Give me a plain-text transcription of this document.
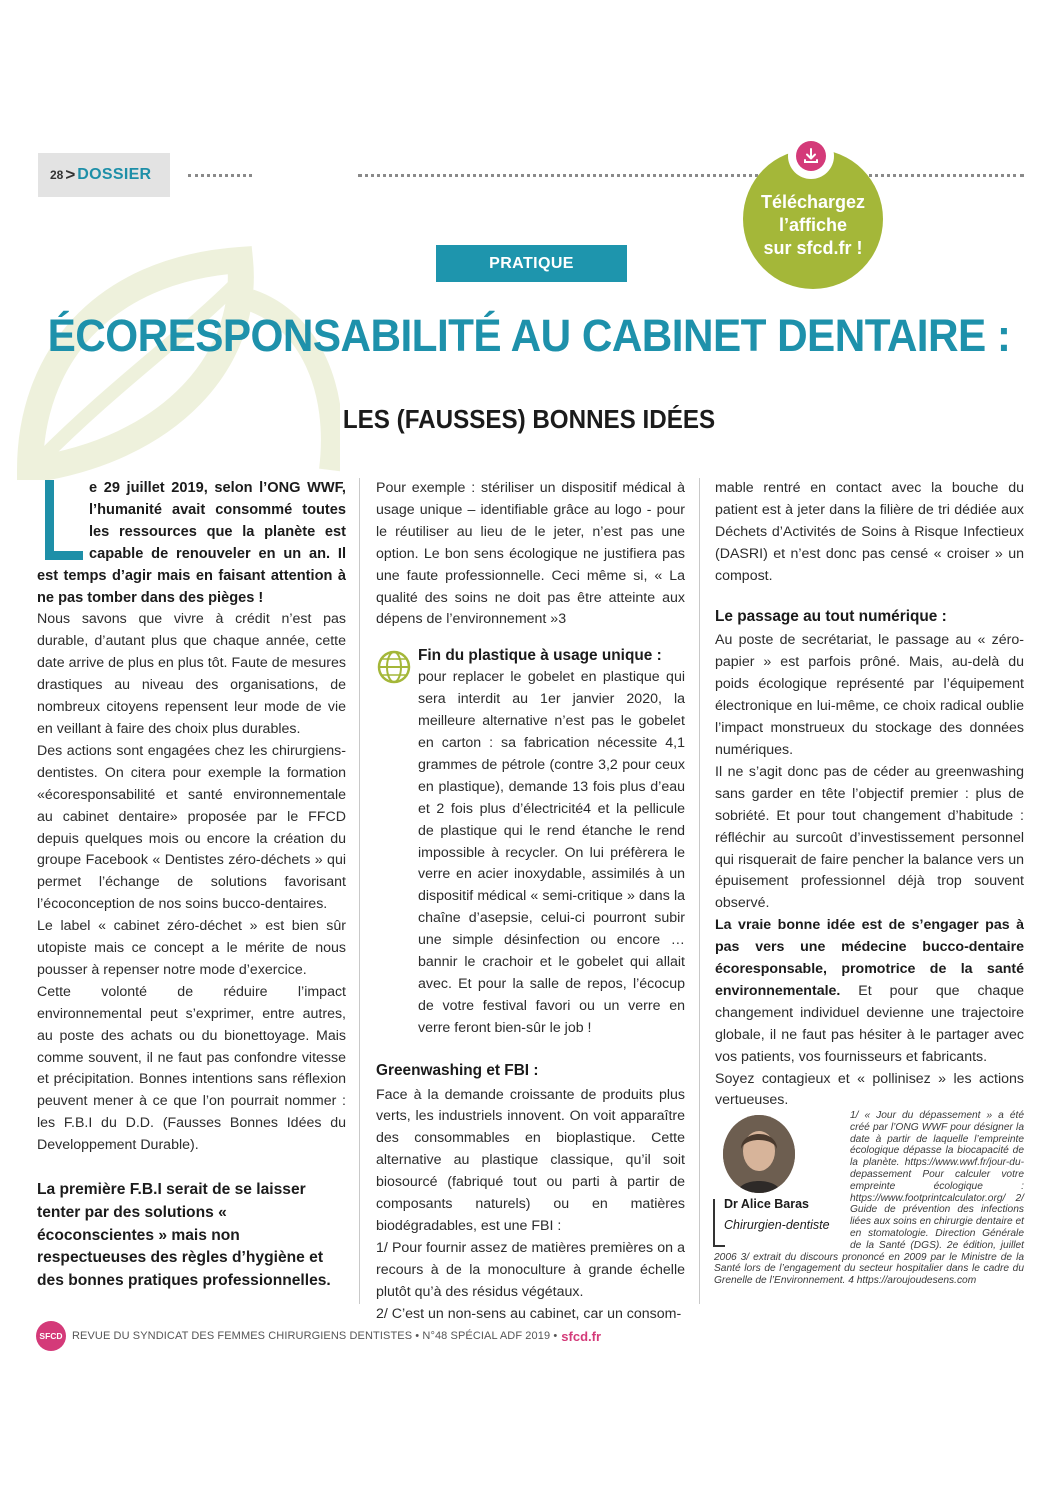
28 > DOSSIER
Téléchargez
l’affiche
sur sfcd.fr !
PRATIQUE
ÉCORESPONSABILITÉ AU CABINET DENTAIRE :
LES (FAUSSES) BONNES IDÉES

e 29 juillet 2019, selon l’ONG WWF, l’humanité avait consommé toutes les ressources que la planète est capable de renouveler en un an. Il est temps d’agir mais en faisant attention à ne pas tomber dans des pièges !

Nous savons que vivre à crédit n’est pas durable, d’autant plus que chaque année, cette date arrive de plus en plus tôt. Faute de mesures drastiques au niveau des organisations, de nombreux citoyens repensent leur mode de vie en veillant à faire des choix plus durables.

Des actions sont engagées chez les chirurgiens-dentistes. On citera pour exemple la formation «écoresponsabilité et santé environnementale au cabinet dentaire» proposée par le FFCD depuis quelques mois ou encore la création du groupe Facebook « Dentistes zéro-déchets » qui permet l’échange de solutions favorisant l’écoconception de nos soins bucco-dentaires.

Le label « cabinet zéro-déchet » est bien sûr utopiste mais ce concept a le mérite de nous pousser à repenser notre mode d’exercice.

Cette volonté de réduire l’impact environnemental peut s’exprimer, entre autres, au poste des achats ou du bionettoyage. Mais comme souvent, il ne faut pas confondre vitesse et précipitation. Bonnes intentions sans réflexion peuvent mener à ce que l’on pourrait nommer : les F.B.I du D.D. (Fausses Bonnes Idées du Developpement Durable).

La première F.B.I serait de se laisser tenter par des solutions « écoconscientes » mais non respectueuses des règles d’hygiène et des bonnes pratiques professionnelles.

Pour exemple : stériliser un dispositif médical à usage unique – identifiable grâce au logo - pour le réutiliser au lieu de le jeter, n’est pas une option. Le bon sens écologique ne justifiera pas une faute professionnelle. Ceci même si, « La qualité des soins ne doit pas être atteinte aux dépens de l’environnement »3

Fin du plastique à usage unique :

pour replacer le gobelet en plastique qui sera interdit au 1er janvier 2020, la meilleure alternative n’est pas le gobelet en carton : sa fabrication nécessite 4,1 grammes de pétrole (contre 3,2 pour ceux en plastique), demande 13 fois plus d’eau et 2 fois plus d’électricité4 et la pellicule de plastique qui le rend étanche le rend impossible à recycler. On lui préfèrera le verre en acier inoxydable, assimilés à un dispositif médical « semi-critique » dans la chaîne d’asepsie, celui-ci pourront subir une simple désinfection ou encore … bannir le crachoir et le gobelet qui allait avec. Et pour la salle de repos, l’écocup de votre festival favori ou un verre en verre feront bien-sûr le job !

Greenwashing et FBI :

Face à la demande croissante de produits plus verts, les industriels innovent. On voit apparaître des consommables en bioplastique. Cette alternative au plastique classique, qu’il soit biosourcé (fabriqué tout ou parti à partir de composants naturels) ou en matières biodégradables, est une FBI :

1/ Pour fournir assez de matières premières on a recours à de la monoculture à grande échelle plutôt qu’à des résidus végétaux.

2/ C’est un non-sens au cabinet, car un consom-

mable rentré en contact avec la bouche du patient est à jeter dans la filière de tri dédiée aux Déchets d’Activités de Soins à Risque Infectieux (DASRI) et n’est donc pas censé « croiser » un compost.

Le passage au tout numérique :

Au poste de secrétariat, le passage au « zéro-papier » est parfois prôné. Mais, au-delà du poids écologique représenté par l’équipement électronique en lui-même, ce choix radical oublie l’impact monstrueux du stockage des données numériques.

Il ne s’agit donc pas de céder au greenwashing sans garder en tête l’objectif premier : plus de sobriété. Et pour tout changement d’habitude : réfléchir au surcoût d’investissement personnel qui risquerait de faire pencher la balance vers un épuisement professionnel déjà trop souvent observé.

La vraie bonne idée est de s’engager pas à pas vers une médecine bucco-dentaire écoresponsable, promotrice de la santé environnementale. Et pour que chaque changement individuel devienne une trajectoire globale, il ne faut pas hésiter à le partager avec vos patients, vos fournisseurs et fabricants.

Soyez contagieux et « pollinisez » les actions vertueuses.

Dr Alice Baras
Chirurgien-dentiste
1/ « Jour du dépassement » a été créé par l’ONG WWF pour désigner la date à partir de laquelle l’empreinte écologique dépasse la biocapacité de la planète. https://www.wwf.fr/jour-du-depassement Pour calculer votre empreinte écologique : https://www.footprintcalculator.org/ 2/ Guide de prévention des infections liées aux soins en chirurgie dentaire et en stomatologie. Direction Générale de la Santé (DGS). 2e édition, juillet 2006 3/ extrait du discours prononcé en 2009 par le Ministre de la Santé lors de l’engagement du secteur hospitalier dans le cadre du Grenelle de l’Environnement. 4 https://aroujoudesens.com
SFCD REVUE DU SYNDICAT DES FEMMES CHIRURGIENS DENTISTES • N°48 SPÉCIAL ADF 2019 • sfcd.fr
